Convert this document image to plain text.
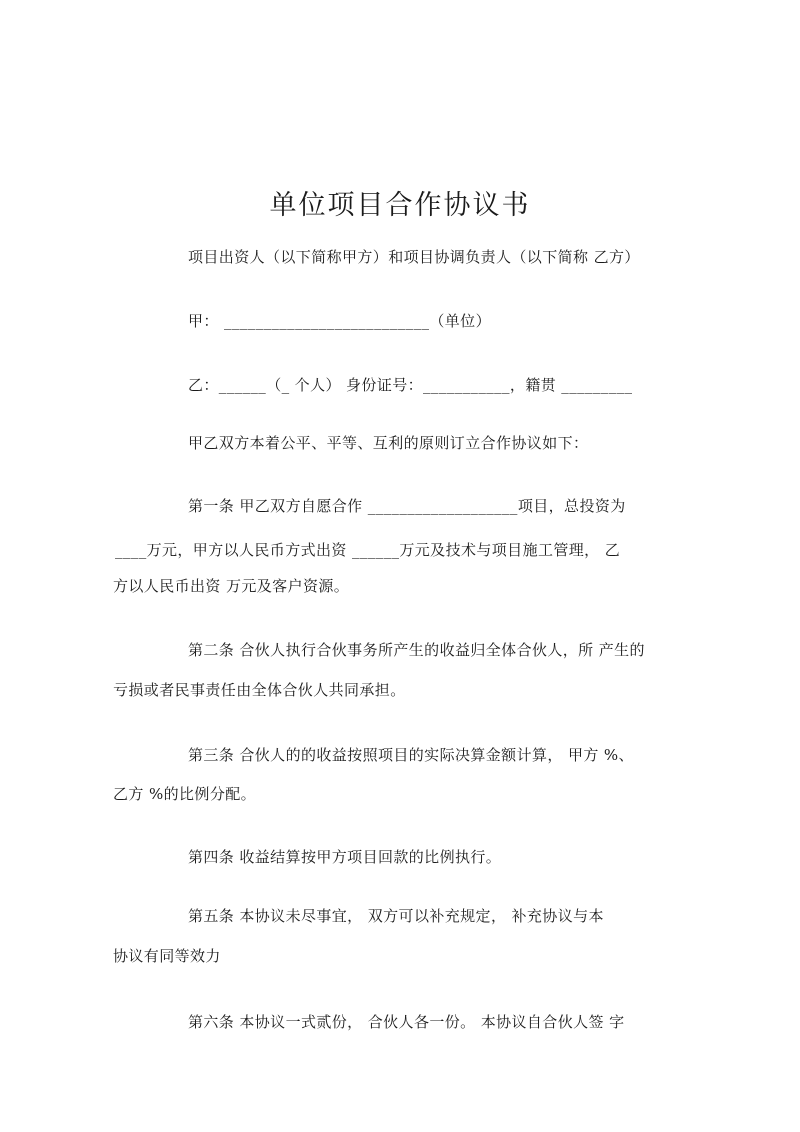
单位项目合作协议书
项目出资人（以下简称甲方）和项目协调负责人（以下简称 乙方）
甲： __________________________（单位）
乙：______（_ 个人） 身份证号：___________，籍贯 _________
甲乙双方本着公平、平等、互利的原则订立合作协议如下：
第一条 甲乙双方自愿合作 ___________________项目，总投资为
____万元，甲方以人民币方式出资 ______万元及技术与项目施工管理， 乙
方以人民币出资 万元及客户资源。
第二条 合伙人执行合伙事务所产生的收益归全体合伙人，所 产生的
亏损或者民事责任由全体合伙人共同承担。
第三条 合伙人的的收益按照项目的实际决算金额计算， 甲方 %、
乙方 %的比例分配。
第四条 收益结算按甲方项目回款的比例执行。
第五条 本协议未尽事宜， 双方可以补充规定， 补充协议与本
协议有同等效力
第六条 本协议一式贰份， 合伙人各一份。 本协议自合伙人签 字
